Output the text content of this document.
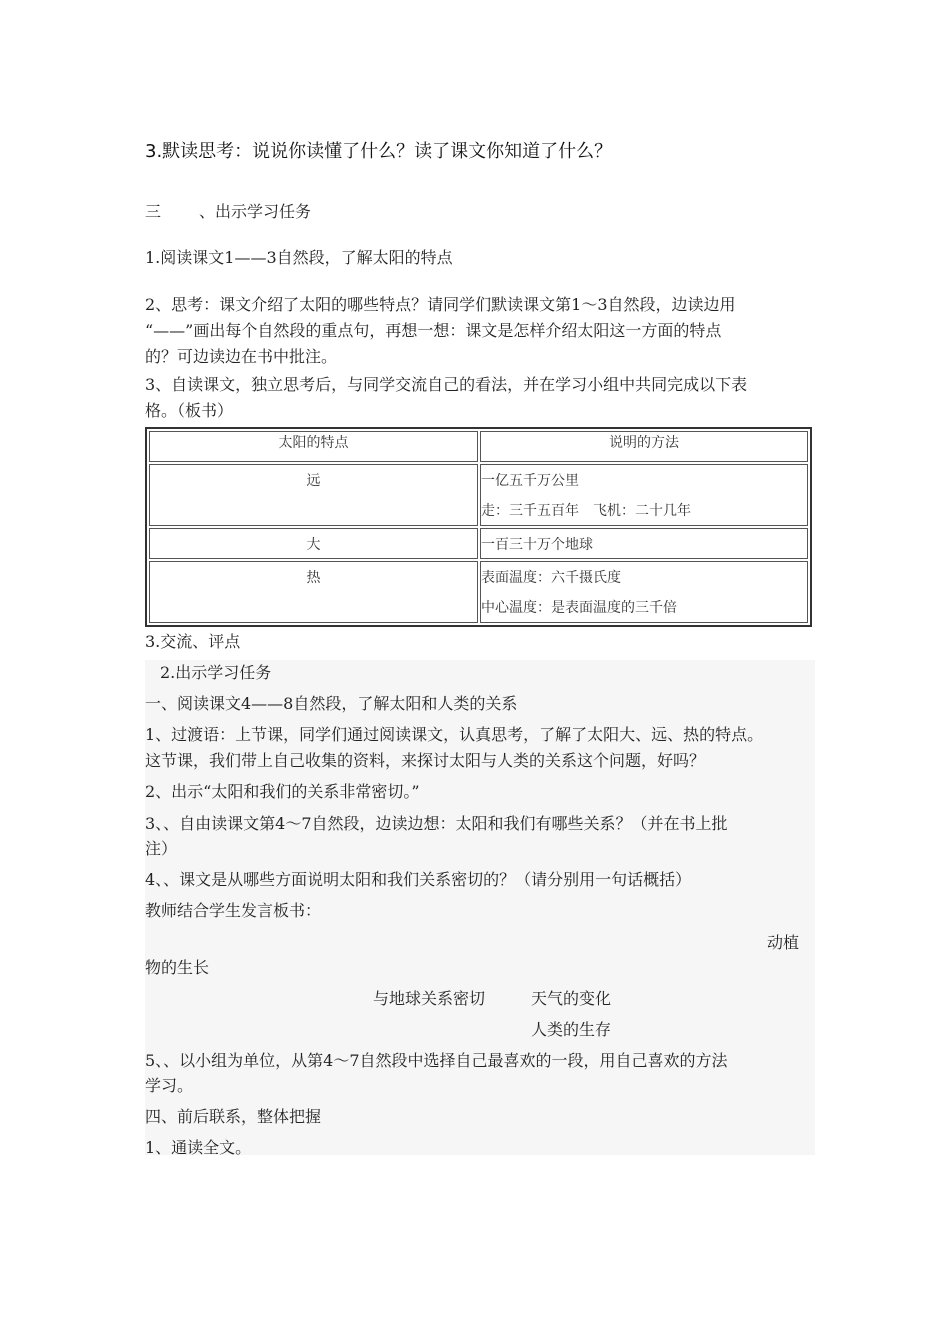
3.默读思考：说说你读懂了什么？读了课文你知道了什么？
三 、出示学习任务
1.阅读课文1——3自然段，了解太阳的特点
2、思考：课文介绍了太阳的哪些特点？请同学们默读课文第1～3自然段，边读边用
“——”画出每个自然段的重点句，再想一想：课文是怎样介绍太阳这一方面的特点
的？可边读边在书中批注。
3、自读课文，独立思考后，与同学交流自己的看法，并在学习小组中共同完成以下表
格。（板书）
太阳的特点	说明的方法

远	一亿五千万公里
走：三千五百年　飞机：二十几年

大	一百三十万个地球

热	表面温度：六千摄氏度
中心温度：是表面温度的三千倍
3.交流、评点
2.出示学习任务
一、阅读课文4——8自然段，了解太阳和人类的关系
1、过渡语：上节课，同学们通过阅读课文，认真思考，了解了太阳大、远、热的特点。
这节课，我们带上自己收集的资料，来探讨太阳与人类的关系这个问题，好吗？
2、出示“太阳和我们的关系非常密切。”
3、、自由读课文第4～7自然段，边读边想：太阳和我们有哪些关系？（并在书上批
注）
4、、课文是从哪些方面说明太阳和我们关系密切的？（请分别用一句话概括）
教师结合学生发言板书：
动植
物的生长
与地球关系密切	天气的变化
人类的生存
5、、以小组为单位，从第4～7自然段中选择自己最喜欢的一段，用自己喜欢的方法
学习。
四、前后联系，整体把握
1、通读全文。
